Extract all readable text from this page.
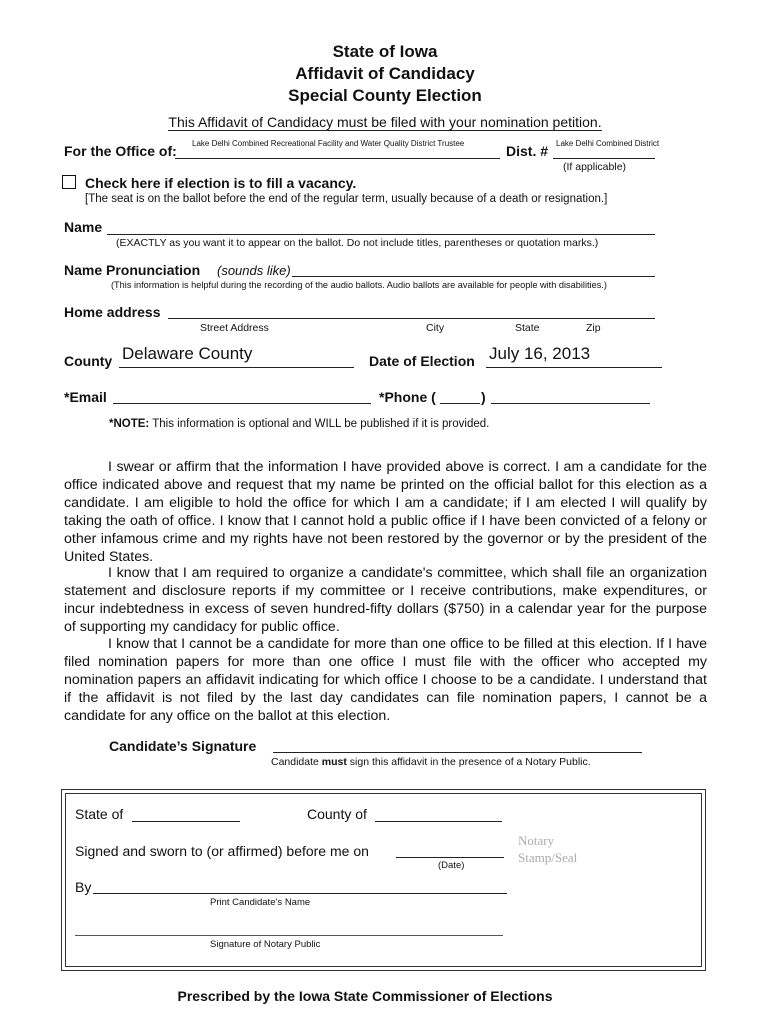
State of Iowa
Affidavit of Candidacy
Special County Election
This Affidavit of Candidacy must be filed with your nomination petition.
For the Office of: Lake Delhi Combined Recreational Facility and Water Quality District Trustee	Dist. # Lake Delhi Combined District
(If applicable)
Check here if election is to fill a vacancy.
[The seat is on the ballot before the end of the regular term, usually because of a death or resignation.]
Name
(EXACTLY as you want it to appear on the ballot. Do not include titles, parentheses or quotation marks.)
Name Pronunciation (sounds like)
(This information is helpful during the recording of the audio ballots. Audio ballots are available for people with disabilities.)
Home address
Street Address	City	State	Zip
County Delaware County	Date of Election July 16, 2013
*Email	*Phone (	)
*NOTE: This information is optional and WILL be published if it is provided.
I swear or affirm that the information I have provided above is correct. I am a candidate for the office indicated above and request that my name be printed on the official ballot for this election as a candidate. I am eligible to hold the office for which I am a candidate; if I am elected I will qualify by taking the oath of office. I know that I cannot hold a public office if I have been convicted of a felony or other infamous crime and my rights have not been restored by the governor or by the president of the United States.
I know that I am required to organize a candidate's committee, which shall file an organization statement and disclosure reports if my committee or I receive contributions, make expenditures, or incur indebtedness in excess of seven hundred-fifty dollars ($750) in a calendar year for the purpose of supporting my candidacy for public office.
I know that I cannot be a candidate for more than one office to be filled at this election. If I have filed nomination papers for more than one office I must file with the officer who accepted my nomination papers an affidavit indicating for which office I choose to be a candidate. I understand that if the affidavit is not filed by the last day candidates can file nomination papers, I cannot be a candidate for any office on the ballot at this election.
Candidate’s Signature
Candidate must sign this affidavit in the presence of a Notary Public.
State of	County of
Signed and sworn to (or affirmed) before me on
(Date)
Notary
Stamp/Seal
By
Print Candidate’s Name
Signature of Notary Public
Prescribed by the Iowa State Commissioner of Elections
